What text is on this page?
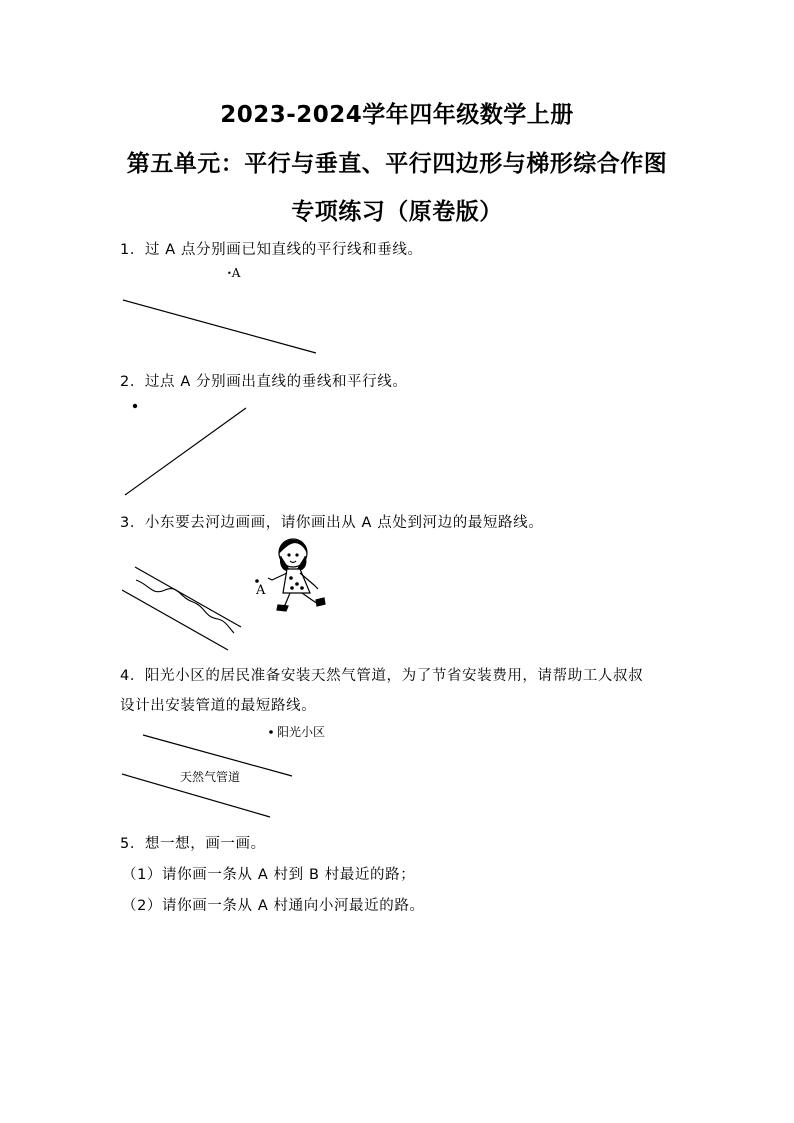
2023-2024学年四年级数学上册
第五单元：平行与垂直、平行四边形与梯形综合作图
专项练习（原卷版）
1．过 A 点分别画已知直线的平行线和垂线。
•A
2．过点 A 分别画出直线的垂线和平行线。
3．小东要去河边画画，请你画出从 A 点处到河边的最短路线。
A
4．阳光小区的居民准备安装天然气管道，为了节省安装费用，请帮助工人叔叔
设计出安装管道的最短路线。
阳光小区
天然气管道
5．想一想，画一画。
（1）请你画一条从 A 村到 B 村最近的路；
（2）请你画一条从 A 村通向小河最近的路。
